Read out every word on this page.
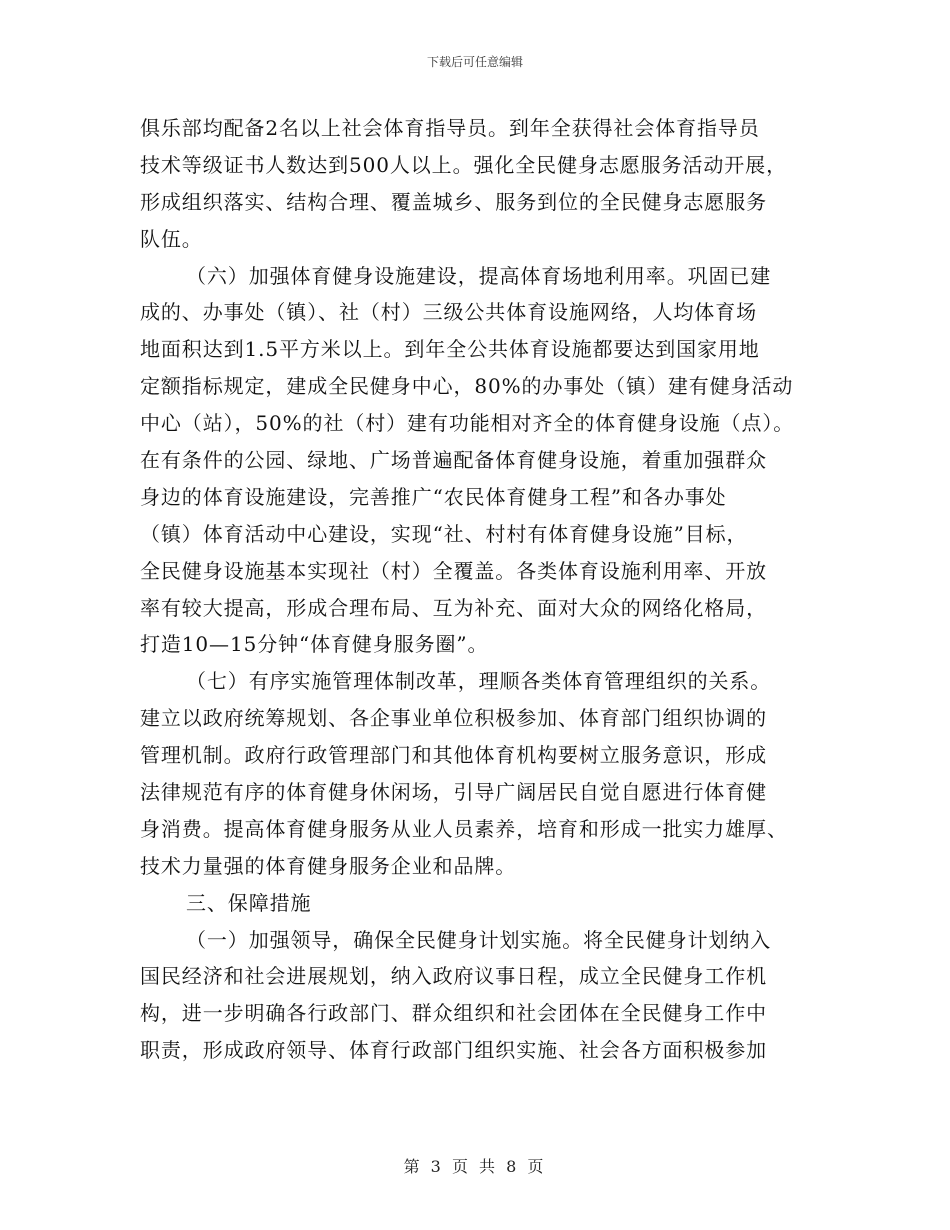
下载后可任意编辑
俱乐部均配备2名以上社会体育指导员。到年全获得社会体育指导员
技术等级证书人数达到500人以上。强化全民健身志愿服务活动开展，
形成组织落实、结构合理、覆盖城乡、服务到位的全民健身志愿服务
队伍。
（六）加强体育健身设施建设，提高体育场地利用率。巩固已建
成的、办事处（镇）、社（村）三级公共体育设施网络，人均体育场
地面积达到1.5平方米以上。到年全公共体育设施都要达到国家用地
定额指标规定，建成全民健身中心，80%的办事处（镇）建有健身活动
中心（站），50%的社（村）建有功能相对齐全的体育健身设施（点）。
在有条件的公园、绿地、广场普遍配备体育健身设施，着重加强群众
身边的体育设施建设，完善推广“农民体育健身工程”和各办事处
（镇）体育活动中心建设，实现“社、村村有体育健身设施”目标，
全民健身设施基本实现社（村）全覆盖。各类体育设施利用率、开放
率有较大提高，形成合理布局、互为补充、面对大众的网络化格局，
打造10—15分钟“体育健身服务圈”。
（七）有序实施管理体制改革，理顺各类体育管理组织的关系。
建立以政府统筹规划、各企事业单位积极参加、体育部门组织协调的
管理机制。政府行政管理部门和其他体育机构要树立服务意识，形成
法律规范有序的体育健身休闲场，引导广阔居民自觉自愿进行体育健
身消费。提高体育健身服务从业人员素养，培育和形成一批实力雄厚、
技术力量强的体育健身服务企业和品牌。
三、保障措施
（一）加强领导，确保全民健身计划实施。将全民健身计划纳入
国民经济和社会进展规划，纳入政府议事日程，成立全民健身工作机
构，进一步明确各行政部门、群众组织和社会团体在全民健身工作中
职责，形成政府领导、体育行政部门组织实施、社会各方面积极参加
第 3 页 共 8 页
